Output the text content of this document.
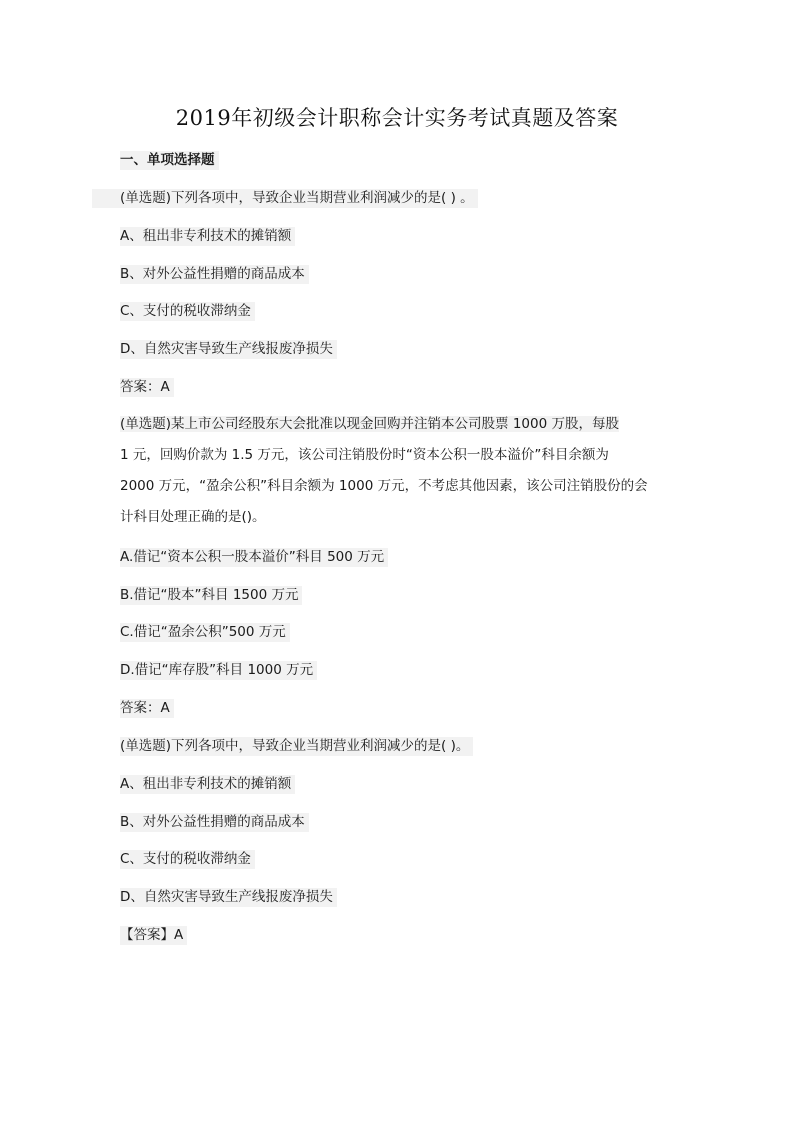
2019年初级会计职称会计实务考试真题及答案
一、单项选择题
(单选题)下列各项中，导致企业当期营业利润减少的是( ) 。
A、租出非专利技术的摊销额
B、对外公益性捐赠的商品成本
C、支付的税收滞纳金
D、自然灾害导致生产线报废净损失
答案：A
(单选题)某上市公司经股东大会批准以现金回购并注销本公司股票 1000 万股，每股
1 元，回购价款为 1.5 万元，该公司注销股份时“资本公积一股本溢价”科目余额为
2000 万元，“盈余公积”科目余额为 1000 万元，不考虑其他因素，该公司注销股份的会
计科目处理正确的是()。
A.借记“资本公积一股本溢价”科目 500 万元
B.借记“股本”科目 1500 万元
C.借记“盈余公积”500 万元
D.借记“库存股”科目 1000 万元
答案：A
(单选题)下列各项中，导致企业当期营业利润减少的是( )。
A、租出非专利技术的摊销额
B、对外公益性捐赠的商品成本
C、支付的税收滞纳金
D、自然灾害导致生产线报废净损失
【答案】A
